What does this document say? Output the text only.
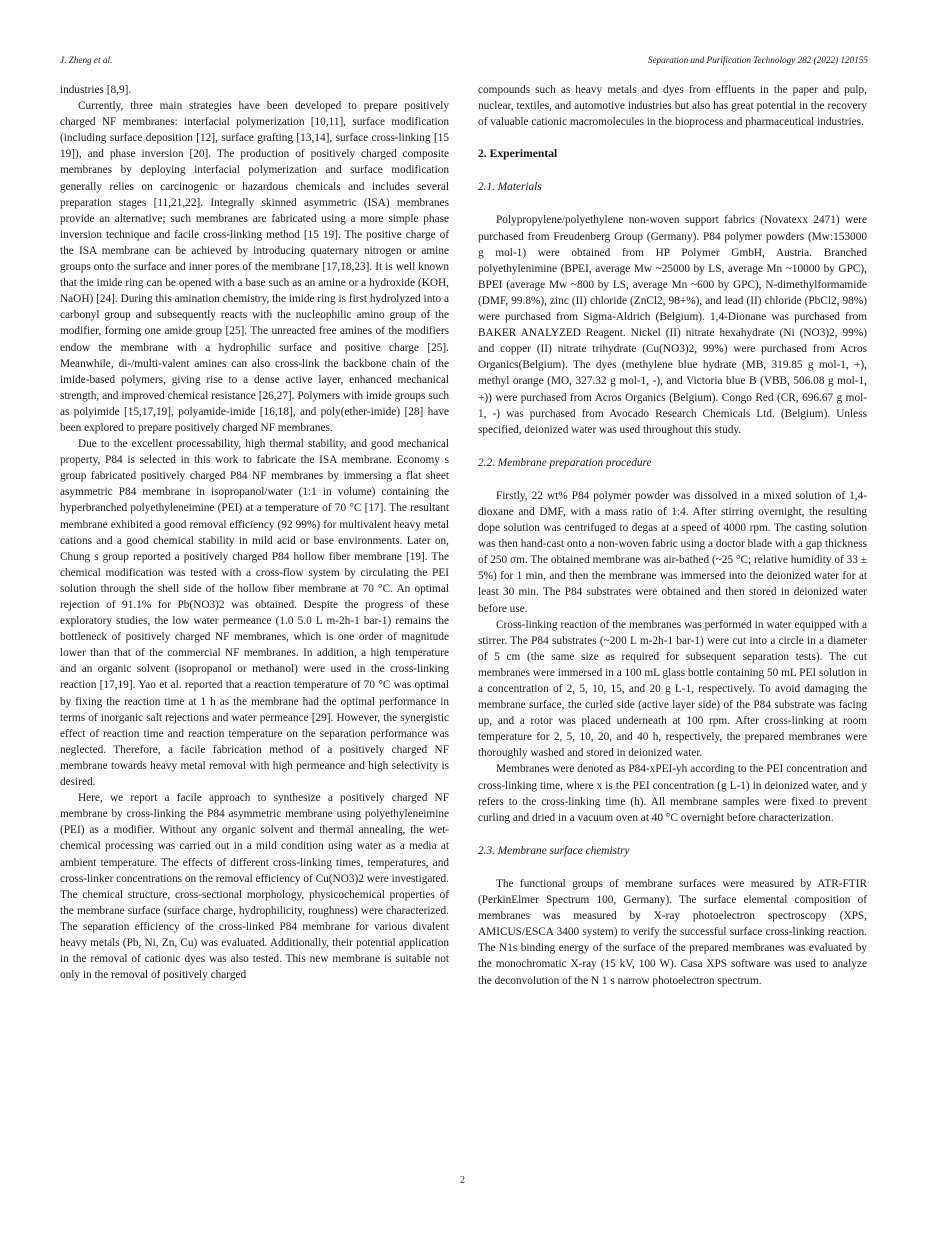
J. Zheng et al.	Separation and Purification Technology 282 (2022) 120155

industries [8,9].

Currently, three main strategies have been developed to prepare positively charged NF membranes: interfacial polymerization [10,11], surface modification (including surface deposition [12], surface grafting [13,14], surface cross-linking [15 19]), and phase inversion [20]. The production of positively charged composite membranes by deploying interfacial polymerization and surface modification generally relies on carcinogenic or hazardous chemicals and includes several preparation stages [11,21,22]. Integrally skinned asymmetric (ISA) membranes provide an alternative; such membranes are fabricated using a more simple phase inversion technique and facile cross-linking method [15 19]. The positive charge of the ISA membrane can be achieved by introducing quaternary nitrogen or amine groups onto the surface and inner pores of the membrane [17,18,23]. It is well known that the imide ring can be opened with a base such as an amine or a hydroxide (KOH, NaOH) [24]. During this amination chemistry, the imide ring is first hydrolyzed into a carbonyl group and subsequently reacts with the nucleophilic amino group of the modifier, forming one amide group [25]. The unreacted free amines of the modifiers endow the membrane with a hydrophilic surface and positive charge [25]. Meanwhile, di-/multi-valent amines can also cross-link the backbone chain of the imide-based polymers, giving rise to a dense active layer, enhanced mechanical strength, and improved chemical resistance [26,27]. Polymers with imide groups such as polyimide [15,17,19], polyamide-imide [16,18], and poly(ether-imide) [28] have been explored to prepare positively charged NF membranes.

Due to the excellent processability, high thermal stability, and good mechanical property, P84 is selected in this work to fabricate the ISA membrane. Economy s group fabricated positively charged P84 NF membranes by immersing a flat sheet asymmetric P84 membrane in isopropanol/water (1:1 in volume) containing the hyperbranched polyethyleneimine (PEI) at a temperature of 70 °C [17]. The resultant membrane exhibited a good removal efficiency (92 99%) for multivalent heavy metal cations and a good chemical stability in mild acid or base environments. Later on, Chung s group reported a positively charged P84 hollow fiber membrane [19]. The chemical modification was tested with a cross-flow system by circulating the PEI solution through the shell side of the hollow fiber membrane at 70 °C. An optimal rejection of 91.1% for Pb(NO3)2 was obtained. Despite the progress of these exploratory studies, the low water permeance (1.0 5.0 L m-2h-1 bar-1) remains the bottleneck of positively charged NF membranes, which is one order of magnitude lower than that of the commercial NF membranes. In addition, a high temperature and an organic solvent (isopropanol or methanol) were used in the cross-linking reaction [17,19]. Yao et al. reported that a reaction temperature of 70 °C was optimal by fixing the reaction time at 1 h as the membrane had the optimal performance in terms of inorganic salt rejections and water permeance [29]. However, the synergistic effect of reaction time and reaction temperature on the separation performance was neglected. Therefore, a facile fabrication method of a positively charged NF membrane towards heavy metal removal with high permeance and high selectivity is desired.

Here, we report a facile approach to synthesize a positively charged NF membrane by cross-linking the P84 asymmetric membrane using polyethyleneimine (PEI) as a modifier. Without any organic solvent and thermal annealing, the wet-chemical processing was carried out in a mild condition using water as a media at ambient temperature. The effects of different cross-linking times, temperatures, and cross-linker concentrations on the removal efficiency of Cu(NO3)2 were investigated. The chemical structure, cross-sectional morphology, physicochemical properties of the membrane surface (surface charge, hydrophilicity, roughness) were characterized. The separation efficiency of the cross-linked P84 membrane for various divalent heavy metals (Pb, Ni, Zn, Cu) was evaluated. Additionally, their potential application in the removal of cationic dyes was also tested. This new membrane is suitable not only in the removal of positively charged

compounds such as heavy metals and dyes from effluents in the paper and pulp, nuclear, textiles, and automotive industries but also has great potential in the recovery of valuable cationic macromolecules in the bioprocess and pharmaceutical industries.

2. Experimental
2.1. Materials

Polypropylene/polyethylene non-woven support fabrics (Novatexx 2471) were purchased from Freudenberg Group (Germany). P84 polymer powders (Mw:153000 g mol-1) were obtained from HP Polymer GmbH, Austria. Branched polyethylenimine (BPEI, average Mw ~25000 by LS, average Mn ~10000 by GPC), BPEI (average Mw ~800 by LS, average Mn ~600 by GPC), N-dimethylformamide (DMF, 99.8%), zinc (II) chloride (ZnCl2, 98+%), and lead (II) chloride (PbCl2, 98%) were purchased from Sigma-Aldrich (Belgium). 1,4-Dionane was purchased from BAKER ANALYZED Reagent. Nickel (II) nitrate hexahydrate (Ni (NO3)2, 99%) and copper (II) nitrate trihydrate (Cu(NO3)2, 99%) were purchased from Acros Organics(Belgium). The dyes (methylene blue hydrate (MB, 319.85 g mol-1, +), methyl orange (MO, 327.32 g mol-1, -), and Victoria blue B (VBB, 506.08 g mol-1, +)) were purchased from Acros Organics (Belgium). Congo Red (CR, 696.67 g mol-1, -) was purchased from Avocado Research Chemicals Ltd. (Belgium). Unless specified, deionized water was used throughout this study.

2.2. Membrane preparation procedure

Firstly, 22 wt% P84 polymer powder was dissolved in a mixed solution of 1,4-dioxane and DMF, with a mass ratio of 1:4. After stirring overnight, the resulting dope solution was centrifuged to degas at a speed of 4000 rpm. The casting solution was then hand-cast onto a non-woven fabric using a doctor blade with a gap thickness of 250 σm. The obtained membrane was air-bathed (~25 °C; relative humidity of 33 ± 5%) for 1 min, and then the membrane was immersed into the deionized water for at least 30 min. The P84 substrates were obtained and then stored in deionized water before use.

Cross-linking reaction of the membranes was performed in water equipped with a stirrer. The P84 substrates (~200 L m-2h-1 bar-1) were cut into a circle in a diameter of 5 cm (the same size as required for subsequent separation tests). The cut membranes were immersed in a 100 mL glass bottle containing 50 mL PEI solution in a concentration of 2, 5, 10, 15, and 20 g L-1, respectively. To avoid damaging the membrane surface, the curled side (active layer side) of the P84 substrate was facing up, and a rotor was placed underneath at 100 rpm. After cross-linking at room temperature for 2, 5, 10, 20, and 40 h, respectively, the prepared membranes were thoroughly washed and stored in deionized water.

Membranes were denoted as P84-xPEI-yh according to the PEI concentration and cross-linking time, where x is the PEI concentration (g L-1) in deionized water, and y refers to the cross-linking time (h). All membrane samples were fixed to prevent curling and dried in a vacuum oven at 40 °C overnight before characterization.

2.3. Membrane surface chemistry

The functional groups of membrane surfaces were measured by ATR-FTIR (PerkinElmer Spectrum 100, Germany). The surface elemental composition of membranes was measured by X-ray photoelectron spectroscopy (XPS, AMICUS/ESCA 3400 system) to verify the successful surface cross-linking reaction. The N1s binding energy of the surface of the prepared membranes was evaluated by the monochromatic X-ray (15 kV, 100 W). Casa XPS software was used to analyze the deconvolution of the N 1 s narrow photoelectron spectrum.

2
